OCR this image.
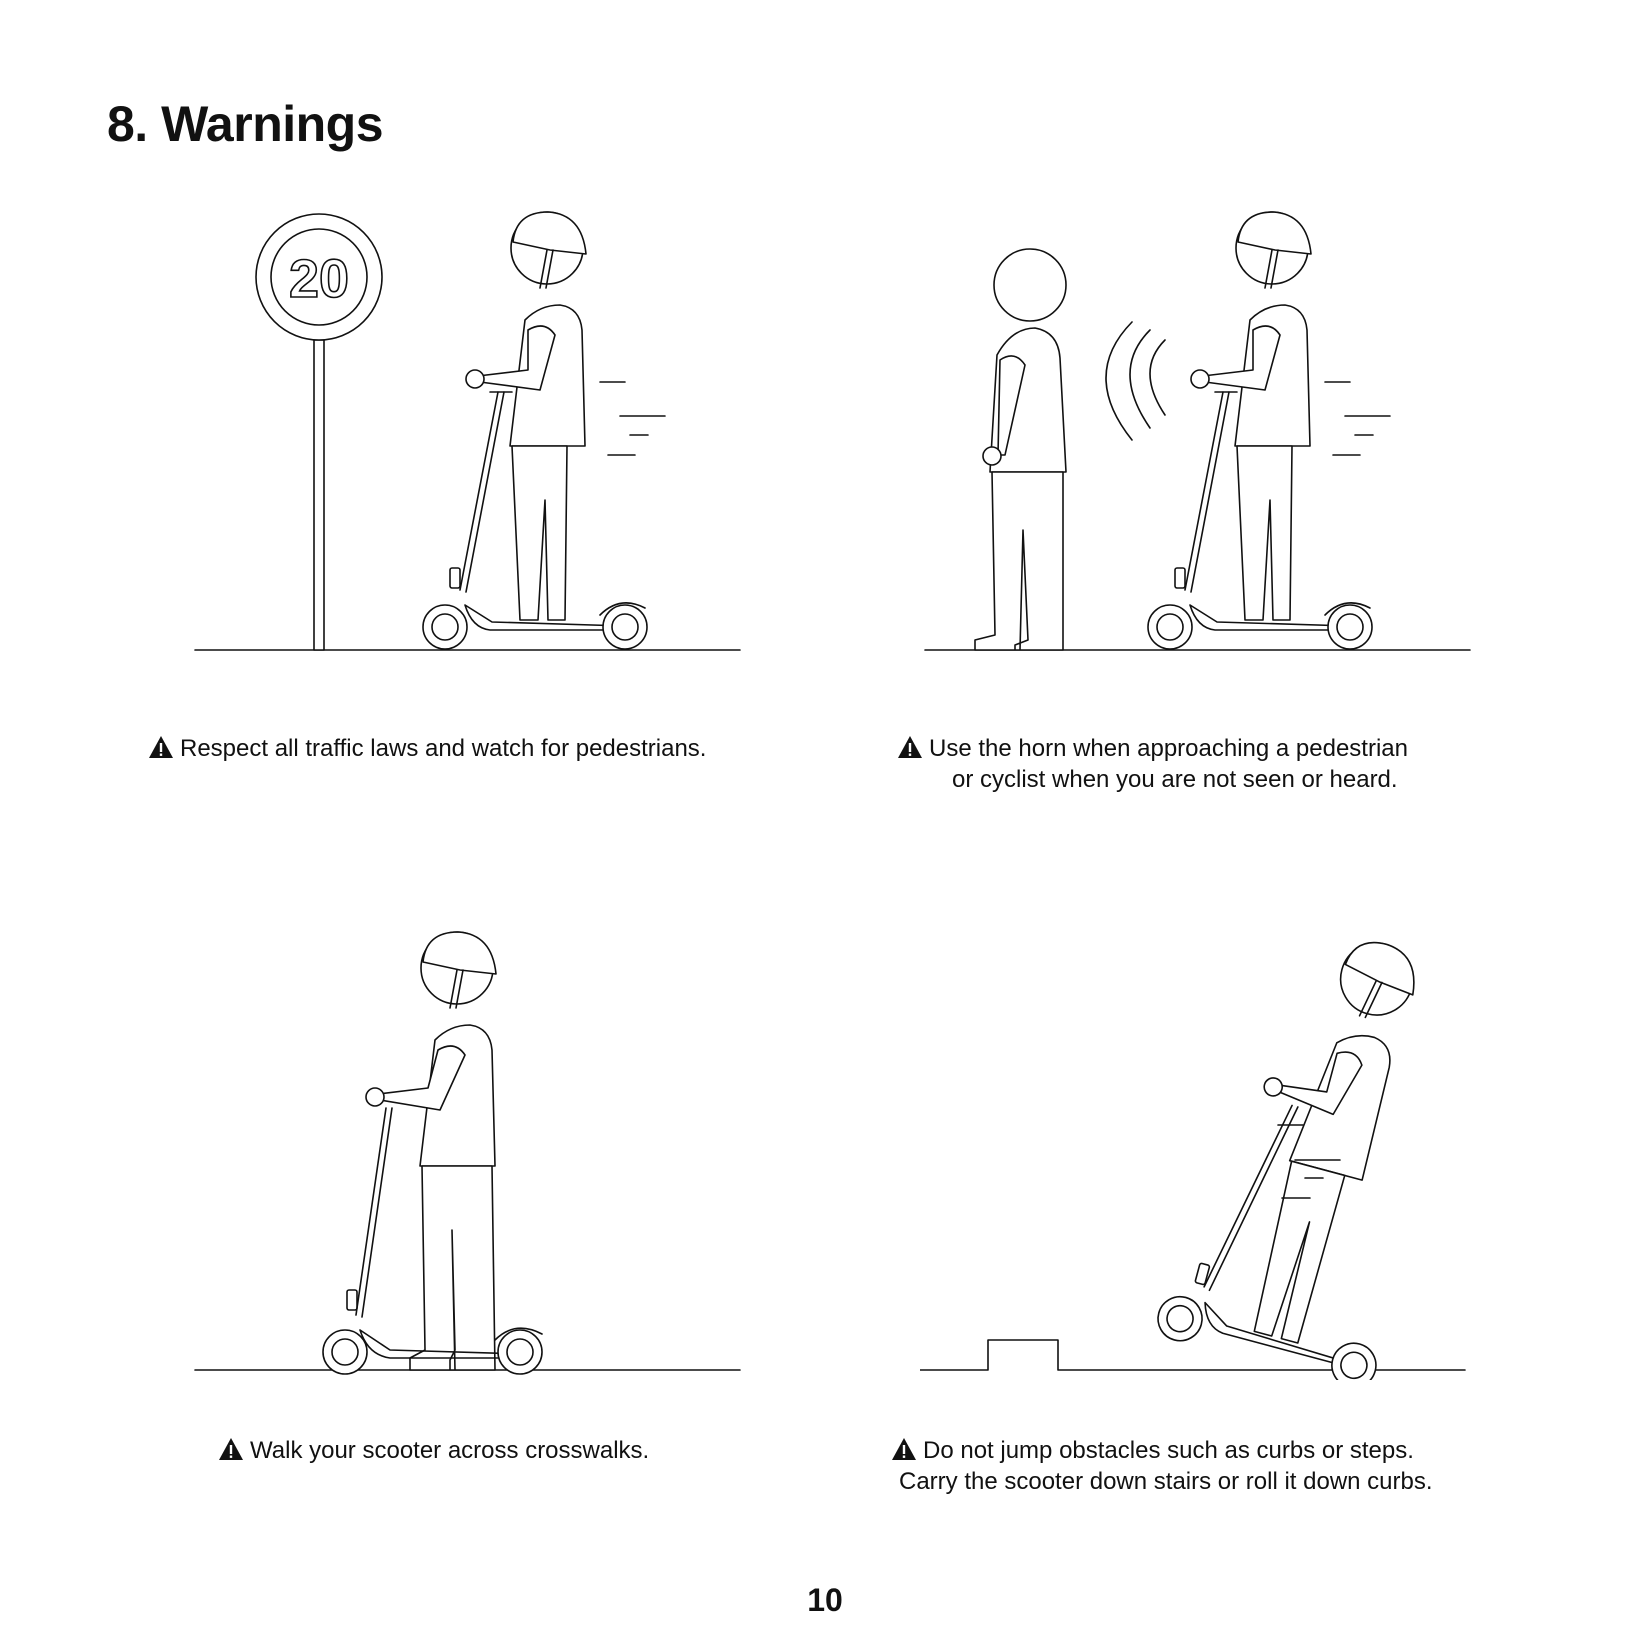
8. Warnings
20
Respect all traffic laws and watch for pedestrians.	Use the horn when approaching a pedestrian
or cyclist when you are not seen or heard.
Walk your scooter across crosswalks.	Do not jump obstacles such as curbs or steps.
Carry the scooter down stairs or roll it down curbs.
10
